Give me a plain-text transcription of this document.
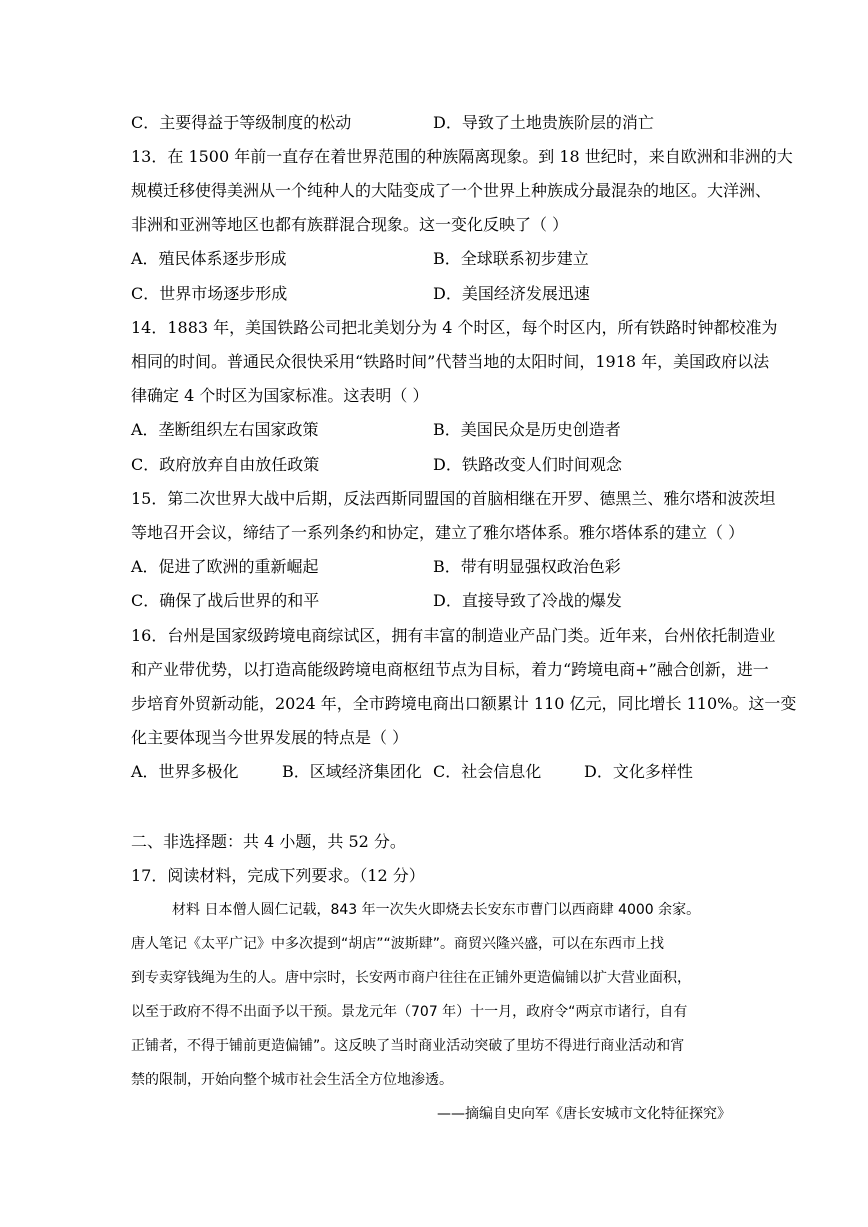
C．主要得益于等级制度的松动	D．导致了土地贵族阶层的消亡
13．在 1500 年前一直存在着世界范围的种族隔离现象。到 18 世纪时，来自欧洲和非洲的大
规模迁移使得美洲从一个纯种人的大陆变成了一个世界上种族成分最混杂的地区。大洋洲、
非洲和亚洲等地区也都有族群混合现象。这一变化反映了（ ）
A．殖民体系逐步形成	B．全球联系初步建立
C．世界市场逐步形成	D．美国经济发展迅速
14．1883 年，美国铁路公司把北美划分为 4 个时区，每个时区内，所有铁路时钟都校准为
相同的时间。普通民众很快采用“铁路时间”代替当地的太阳时间，1918 年，美国政府以法
律确定 4 个时区为国家标准。这表明（ ）
A．垄断组织左右国家政策	B．美国民众是历史创造者
C．政府放弃自由放任政策	D．铁路改变人们时间观念
15．第二次世界大战中后期，反法西斯同盟国的首脑相继在开罗、德黑兰、雅尔塔和波茨坦
等地召开会议，缔结了一系列条约和协定，建立了雅尔塔体系。雅尔塔体系的建立（ ）
A．促进了欧洲的重新崛起	B．带有明显强权政治色彩
C．确保了战后世界的和平	D．直接导致了冷战的爆发
16．台州是国家级跨境电商综试区，拥有丰富的制造业产品门类。近年来，台州依托制造业
和产业带优势，以打造高能级跨境电商枢纽节点为目标，着力“跨境电商+”融合创新，进一
步培育外贸新动能，2024 年，全市跨境电商出口额累计 110 亿元，同比增长 110%。这一变
化主要体现当今世界发展的特点是（ ）
A．世界多极化	B．区域经济集团化 C．社会信息化	D．文化多样性
二、非选择题：共 4 小题，共 52 分。
17．阅读材料，完成下列要求。（12 分）
材料 日本僧人圆仁记载，843 年一次失火即烧去长安东市曹门以西商肆 4000 余家。
唐人笔记《太平广记》中多次提到“胡店”“波斯肆”。商贸兴隆兴盛，可以在东西市上找
到专卖穿钱绳为生的人。唐中宗时，长安两市商户往往在正铺外更造偏铺以扩大营业面积，
以至于政府不得不出面予以干预。景龙元年（707 年）十一月，政府令“两京市诸行，自有
正铺者，不得于铺前更造偏铺”。这反映了当时商业活动突破了里坊不得进行商业活动和宵
禁的限制，开始向整个城市社会生活全方位地渗透。
——摘编自史向军《唐长安城市文化特征探究》
